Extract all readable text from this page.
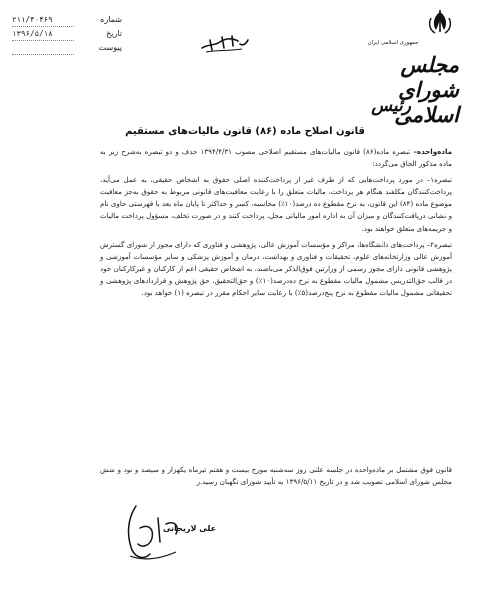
شماره
۲۱۱/۴۰۴۶۹
تاریخ
۱۳۹۶/۵/۱۸
پیوست	جمهوری اسلامی ایران
مجلس شورای اسلامی
رئیس
قانون اصلاح ماده (۸۶) قانون مالیات‌های مستقیم

ماده‌واحده– تبصره ماده(۸۶) قانون مالیات‌های مستقیم اصلاحی مصوب ۱۳۹۴/۴/۳۱ حذف و دو تبصره به‌شرح زیر به ماده مذکور الحاق می‌گردد:

تبصره۱– در مورد پرداخت‌هایی که از طرف غیر از پرداخت‌کننده اصلی حقوق به اشخاص حقیقی، به عمل می‌آید، پرداخت‌کنندگان مکلفند هنگام هر پرداخت، مالیات متعلق را با رعایت معافیت‌های قانونی مربوط به حقوق به‌جز معافیت موضوع ماده (۸۴) این قانون، به نرخ مقطوع ده درصد(۱۰٪) محاسبه، کسر و حداکثر تا پایان ماه بعد با فهرستی حاوی نام و نشانی دریافت‌کنندگان و میزان آن به اداره امور مالیاتی محل، پرداخت کنند و در صورت تخلف، مسؤول پرداخت مالیات و جریمه‌های متعلق خواهند بود.

تبصره۲– پرداخت‌های دانشگاه‌ها، مراکز و مؤسسات آموزش عالی، پژوهشی و فناوری که دارای مجوز از شورای گسترش آموزش عالی وزارتخانه‌های علوم، تحقیقات و فناوری و بهداشت، درمان و آموزش پزشکی و سایر مؤسسات آموزشی و پژوهشی قانونی دارای مجوز رسمی از وزارتین فوق‌الذکر می‌باشند، به اشخاص حقیقی اعم از کارکنان و غیرکارکنان خود در قالب حق‌التدریس مشمول مالیات مقطوع به نرخ ده‌درصد(۱۰٪) و حق‌التحقیق، حق پژوهش و قراردادهای پژوهشی و تحقیقاتی مشمول مالیات مقطوع به نرخ پنج‌درصد(۵٪) با رعایت سایر احکام مقرر در تبصره (۱) خواهد بود.

قانون فوق مشتمل بر ماده‌واحده در جلسه علنی روز سه‌شنبه مورخ بیست و هفتم تیرماه یکهزار و سیصد و نود و شش مجلس شورای اسلامی تصویب شد و در تاریخ ۱۳۹۶/۵/۱۱ به تأیید شورای نگهبان رسید.ر

علی لاریجانی
